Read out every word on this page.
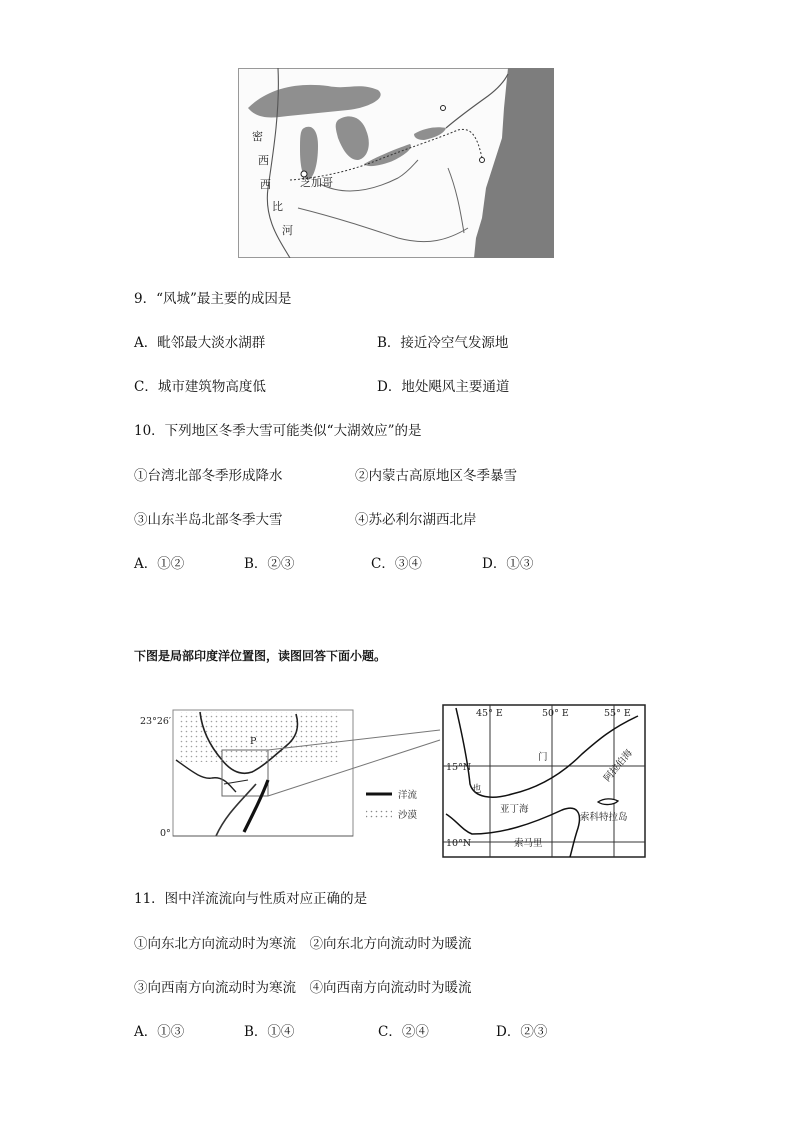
密
西
西
比
河
芝加哥
9．“风城”最主要的成因是
A．毗邻最大淡水湖群	B．接近冷空气发源地
C．城市建筑物高度低	D．地处飓风主要通道
10．下列地区冬季大雪可能类似“大湖效应”的是
①台湾北部冬季形成降水	②内蒙古高原地区冬季暴雪
③山东半岛北部冬季大雪	④苏必利尔湖西北岸
A．①②	B．②③	C．③④	D．①③
下图是局部印度洋位置图，读图回答下面小题。
23°26′
0°
P
洋流
沙漠
45° E	50° E	55° E
15°N
10°N
门
也
亚丁海
阿拉伯海
索科特拉岛
索马里
11．图中洋流流向与性质对应正确的是
①向东北方向流动时为寒流　②向东北方向流动时为暖流
③向西南方向流动时为寒流　④向西南方向流动时为暖流
A．①③	B．①④	C．②④	D．②③
